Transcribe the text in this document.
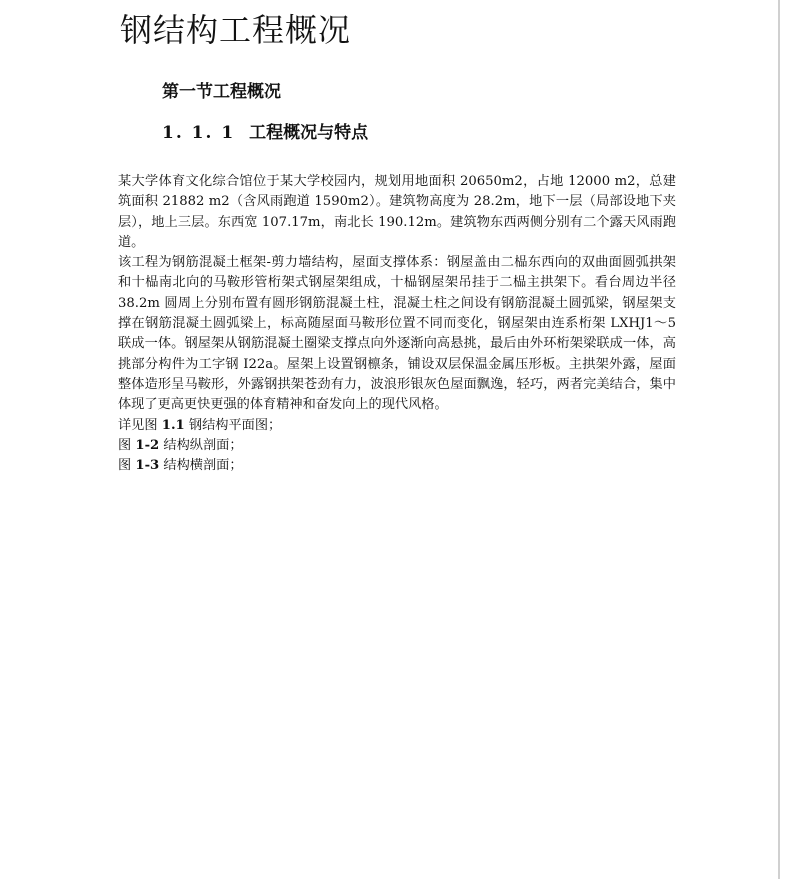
钢结构工程概况
第一节工程概况
1. 1. 1 工程概况与特点

某大学体育文化综合馆位于某大学校园内，规划用地面积 20650m2，占地 12000 m2，总建筑面积 21882 m2（含风雨跑道 1590m2）。建筑物高度为 28.2m，地下一层（局部设地下夹层），地上三层。东西宽 107.17m，南北长 190.12m。建筑物东西两侧分别有二个露天风雨跑道。

该工程为钢筋混凝土框架-剪力墙结构，屋面支撑体系：钢屋盖由二榀东西向的双曲面圆弧拱架和十榀南北向的马鞍形管桁架式钢屋架组成，十榀钢屋架吊挂于二榀主拱架下。看台周边半径 38.2m 圆周上分别布置有圆形钢筋混凝土柱，混凝土柱之间设有钢筋混凝土圆弧梁，钢屋架支撑在钢筋混凝土圆弧梁上，标高随屋面马鞍形位置不同而变化，钢屋架由连系桁架 LXHJ1～5 联成一体。钢屋架从钢筋混凝土圈梁支撑点向外逐渐向高悬挑，最后由外环桁架梁联成一体，高挑部分构件为工字钢 I22a。屋架上设置钢檩条，铺设双层保温金属压形板。主拱架外露，屋面整体造形呈马鞍形，外露钢拱架苍劲有力，波浪形银灰色屋面飘逸，轻巧，两者完美结合，集中体现了更高更快更强的体育精神和奋发向上的现代风格。

详见图 1.1 钢结构平面图；

图 1-2 结构纵剖面；

图 1-3 结构横剖面；
